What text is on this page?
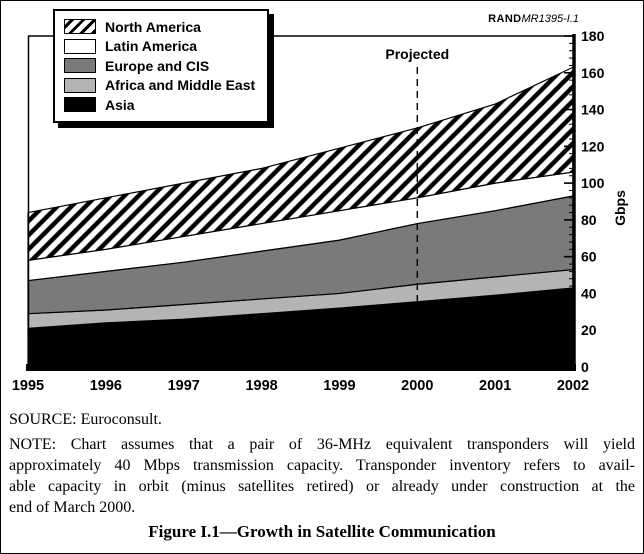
Projected
0
20
40
60
80
100
120
140
160
180
1995	1996	1997	1998	1999	2000	2001	2002
Gbps
North America
Latin America
Europe and CIS
Africa and Middle East
Asia
RANDMR1395-I.1
SOURCE: Euroconsult.
NOTE: Chart assumes that a pair of 36-MHz equivalent transponders will yield
approximately 40 Mbps transmission capacity. Transponder inventory refers to avail-
able capacity in orbit (minus satellites retired) or already under construction at the
end of March 2000.
Figure I.1—Growth in Satellite Communication
